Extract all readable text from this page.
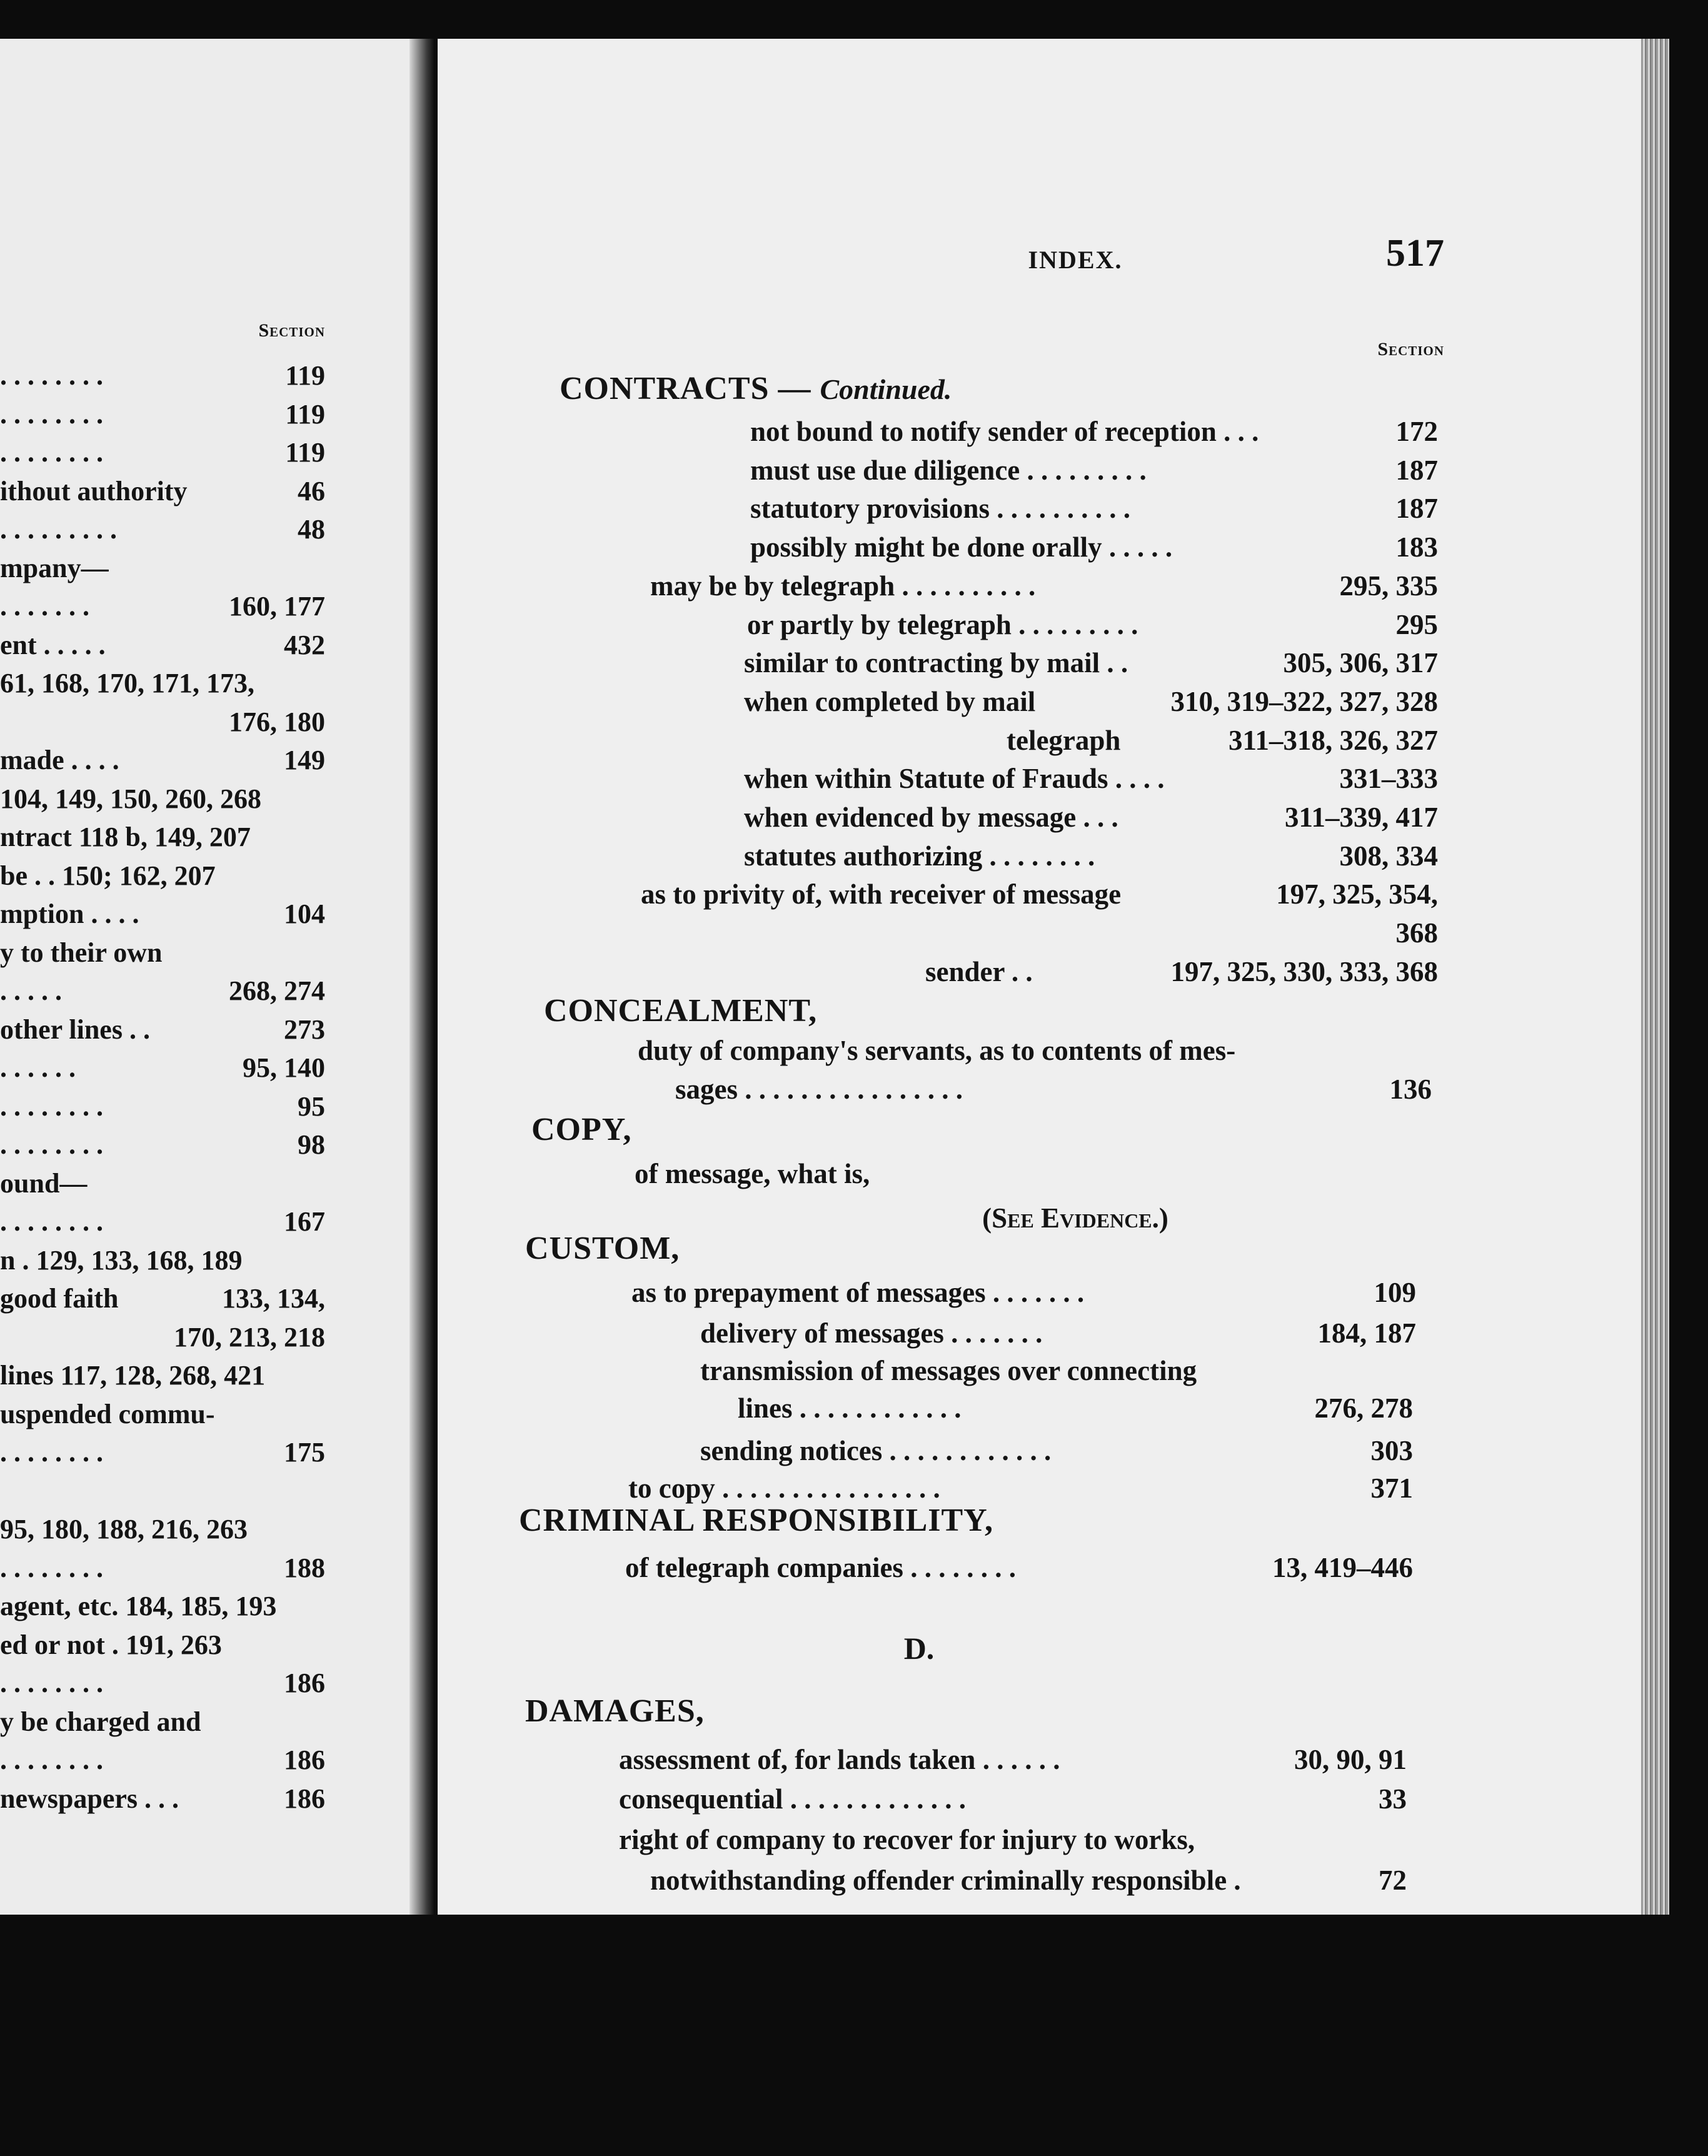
Section
. . . . . . . .	119
. . . . . . . .	119
. . . . . . . .	119
ithout authority	46
. . . . . . . . .	48
mpany—
. . . . . . .	160, 177
ent . . . . .	432
61, 168, 170, 171, 173,
176, 180
made . . . .	149
104, 149, 150, 260, 268
ntract 118 b, 149, 207
be . . 150; 162, 207
mption . . . .	104
y to their own
. . . . .	268, 274
other lines . .	273
. . . . . .	95, 140
. . . . . . . .	95
. . . . . . . .	98
ound—
. . . . . . . .	167
n . 129, 133, 168, 189
good faith	133, 134,
170, 213, 218
lines 117, 128, 268, 421
uspended commu-
. . . . . . . .	175
95, 180, 188, 216, 263
. . . . . . . .	188
agent, etc. 184, 185, 193
ed or not . 191, 263
. . . . . . . .	186
y be charged and
. . . . . . . .	186
newspapers . . .	186
INDEX.	517
Section
CONTRACTS — Continued.
not bound to notify sender of reception . . .	172
must use due diligence . . . . . . . . .	187
statutory provisions . . . . . . . . . .	187
possibly might be done orally . . . . .	183
may be by telegraph . . . . . . . . . .	295, 335
or partly by telegraph . . . . . . . . .	295
similar to contracting by mail . .	305, 306, 317
when completed by mail	310, 319–322, 327, 328
telegraph	311–318, 326, 327
when within Statute of Frauds . . . .	331–333
when evidenced by message . . .	311–339, 417
statutes authorizing . . . . . . . .	308, 334
as to privity of, with receiver of message	197, 325, 354,
368
sender . .	197, 325, 330, 333, 368
CONCEALMENT,
duty of company's servants, as to contents of mes-
sages . . . . . . . . . . . . . . . .	136
COPY,
of message, what is,
(See Evidence.)
CUSTOM,
as to prepayment of messages . . . . . . .	109
delivery of messages . . . . . . .	184, 187
transmission of messages over connecting
lines . . . . . . . . . . . .	276, 278
sending notices . . . . . . . . . . . .	303
to copy . . . . . . . . . . . . . . . .	371
CRIMINAL RESPONSIBILITY,
of telegraph companies . . . . . . . .	13, 419–446
D.
DAMAGES,
assessment of, for lands taken . . . . . .	30, 90, 91
consequential . . . . . . . . . . . . .	33
right of company to recover for injury to works,
notwithstanding offender criminally responsible .	72
